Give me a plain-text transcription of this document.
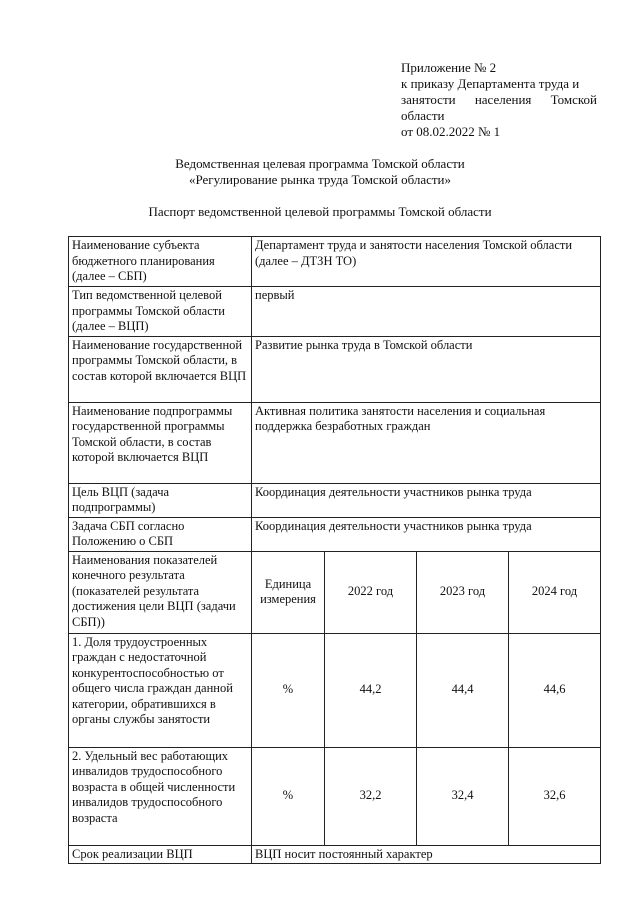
Приложение № 2
к приказу Департамента труда и
занятости населения Томской
области
от 08.02.2022 № 1
Ведомственная целевая программа Томской области
«Регулирование рынка труда Томской области»
Паспорт ведомственной целевой программы Томской области
Наименование субъекта бюджетного планирования (далее – СБП)	Департамент труда и занятости населения Томской области (далее – ДТЗН ТО)			
Тип ведомственной целевой программы Томской области (далее – ВЦП)	первый			
Наименование государственной программы Томской области, в состав которой включается ВЦП	Развитие рынка труда в Томской области			
Наименование подпрограммы государственной программы Томской области, в состав которой включается ВЦП	Активная политика занятости населения и социальная поддержка безработных граждан			
Цель ВЦП (задача подпрограммы)	Координация деятельности участников рынка труда			
Задача СБП согласно Положению о СБП	Координация деятельности участников рынка труда			
Наименования показателей конечного результата (показателей результата достижения цели ВЦП (задачи СБП))	Единица измерения	2022 год	2023 год	2024 год
1. Доля трудоустроенных граждан с недостаточной конкурентоспособностью от общего числа граждан данной категории, обратившихся в органы службы занятости	%	44,2	44,4	44,6
2. Удельный вес работающих инвалидов трудоспособного возраста в общей численности инвалидов трудоспособного возраста	%	32,2	32,4	32,6
Срок реализации ВЦП	ВЦП носит постоянный характер			
